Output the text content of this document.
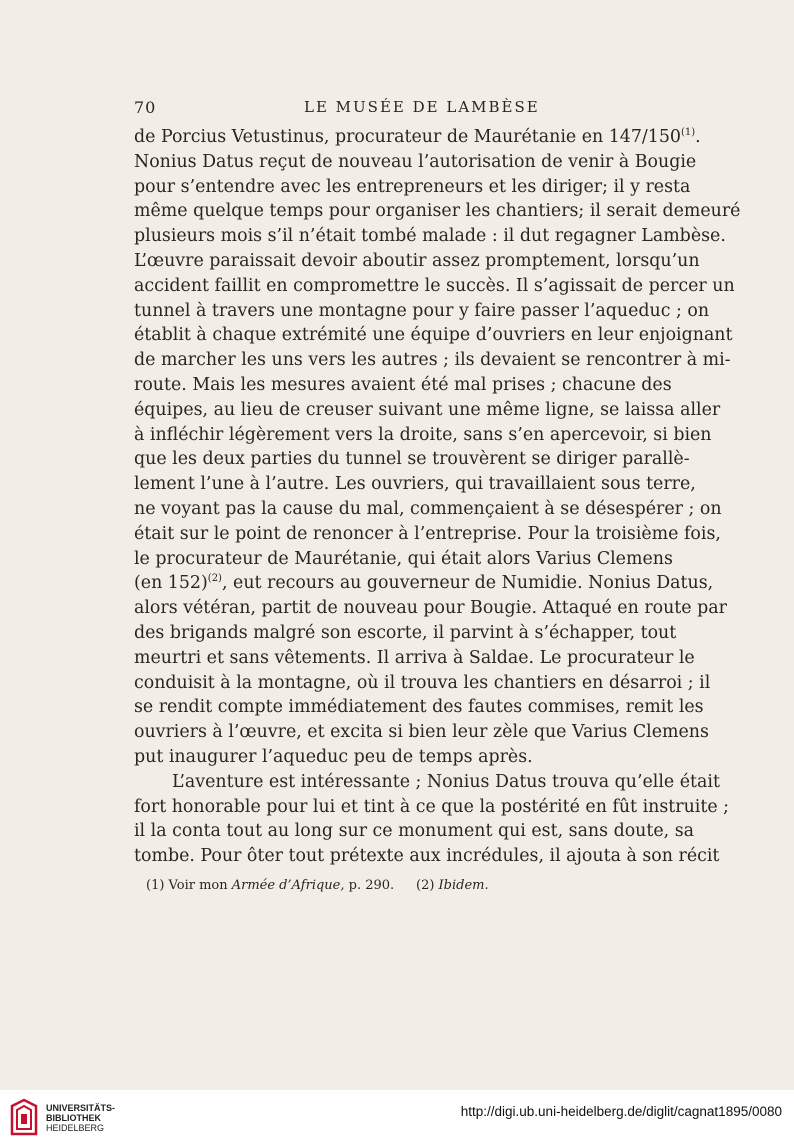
70	LE MUSÉE DE LAMBÈSE
de Porcius Vetustinus, procurateur de Maurétanie en 147/150$^{(1)}$.
Nonius Datus reçut de nouveau l’autorisation de venir à Bougie
pour s’entendre avec les entrepreneurs et les diriger; il y resta
même quelque temps pour organiser les chantiers; il serait demeuré
plusieurs mois s’il n’était tombé malade : il dut regagner Lambèse.
L’œuvre paraissait devoir aboutir assez promptement, lorsqu’un
accident faillit en compromettre le succès. Il s’agissait de percer un
tunnel à travers une montagne pour y faire passer l’aqueduc ; on
établit à chaque extrémité une équipe d’ouvriers en leur enjoignant
de marcher les uns vers les autres ; ils devaient se rencontrer à mi-
route. Mais les mesures avaient été mal prises ; chacune des
équipes, au lieu de creuser suivant une même ligne, se laissa aller
à infléchir légèrement vers la droite, sans s’en apercevoir, si bien
que les deux parties du tunnel se trouvèrent se diriger parallè-
lement l’une à l’autre. Les ouvriers, qui travaillaient sous terre,
ne voyant pas la cause du mal, commençaient à se désespérer ; on
était sur le point de renoncer à l’entreprise. Pour la troisième fois,
le procurateur de Maurétanie, qui était alors Varius Clemens
(en 152)$^{(2)}$, eut recours au gouverneur de Numidie. Nonius Datus,
alors vétéran, partit de nouveau pour Bougie. Attaqué en route par
des brigands malgré son escorte, il parvint à s’échapper, tout
meurtri et sans vêtements. Il arriva à Saldae. Le procurateur le
conduisit à la montagne, où il trouva les chantiers en désarroi ; il
se rendit compte immédiatement des fautes commises, remit les
ouvriers à l’œuvre, et excita si bien leur zèle que Varius Clemens
put inaugurer l’aqueduc peu de temps après.
L’aventure est intéressante ; Nonius Datus trouva qu’elle était
fort honorable pour lui et tint à ce que la postérité en fût instruite ;
il la conta tout au long sur ce monument qui est, sans doute, sa
tombe. Pour ôter tout prétexte aux incrédules, il ajouta à son récit
(1) Voir mon Armée d’Afrique, p. 290. (2) Ibidem.
UNIVERSITÄTS-
BIBLIOTHEK
HEIDELBERG
http://digi.ub.uni-heidelberg.de/diglit/cagnat1895/0080
